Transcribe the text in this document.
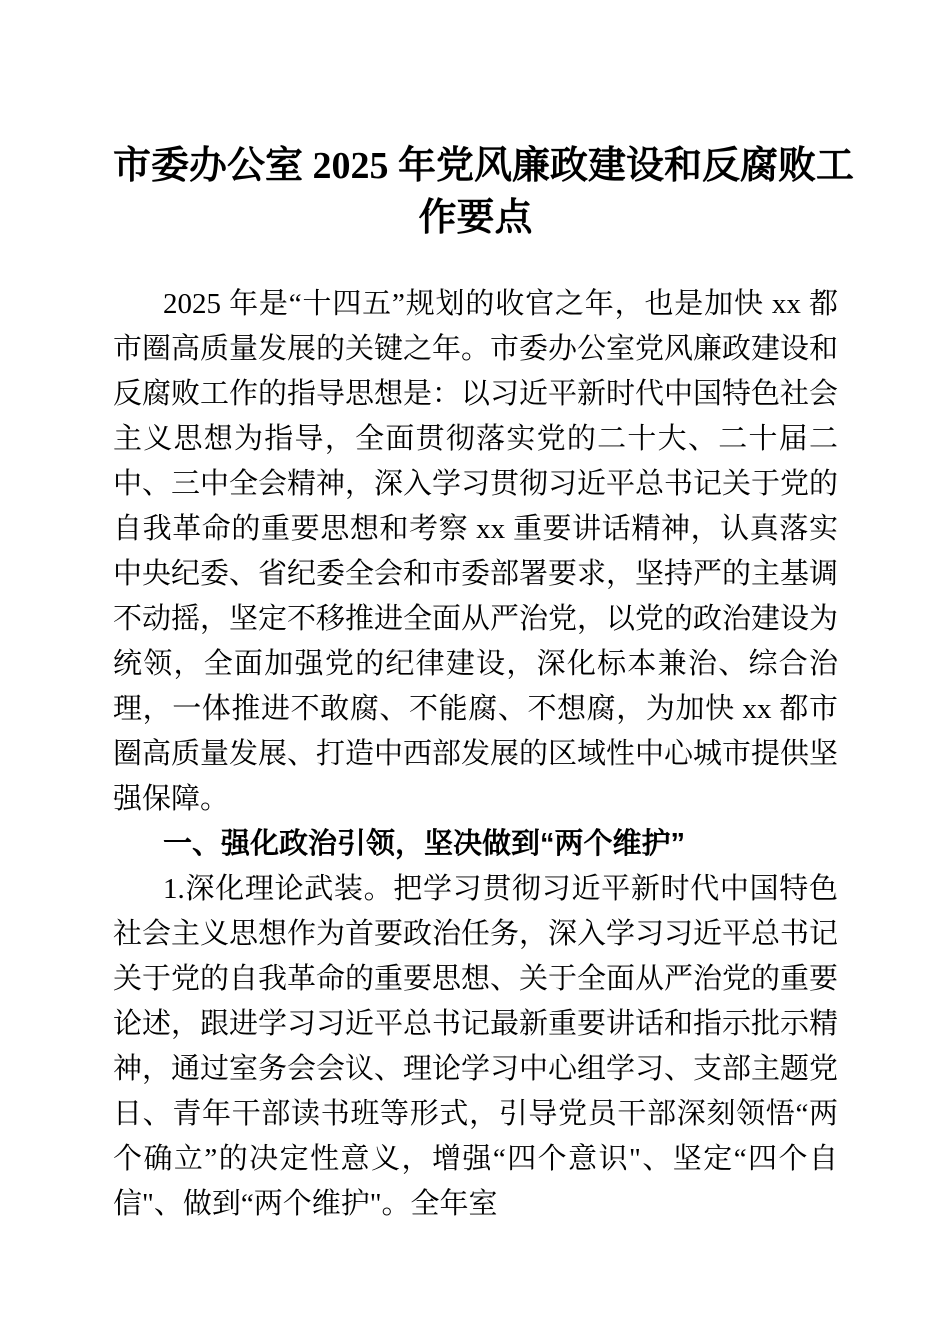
市委办公室 2025 年党风廉政建设和反腐败工
作要点

2025 年是“十四五”规划的收官之年，也是加快 xx 都市圈高质量发展的关键之年。市委办公室党风廉政建设和反腐败工作的指导思想是：以习近平新时代中国特色社会主义思想为指导，全面贯彻落实党的二十大、二十届二中、三中全会精神，深入学习贯彻习近平总书记关于党的自我革命的重要思想和考察 xx 重要讲话精神，认真落实中央纪委、省纪委全会和市委部署要求，坚持严的主基调不动摇，坚定不移推进全面从严治党，以党的政治建设为统领，全面加强党的纪律建设，深化标本兼治、综合治理，一体推进不敢腐、不能腐、不想腐，为加快 xx 都市圈高质量发展、打造中西部发展的区域性中心城市提供坚强保障。

一、强化政治引领，坚决做到“两个维护”

1.深化理论武装。把学习贯彻习近平新时代中国特色社会主义思想作为首要政治任务，深入学习习近平总书记关于党的自我革命的重要思想、关于全面从严治党的重要论述，跟进学习习近平总书记最新重要讲话和指示批示精神，通过室务会会议、理论学习中心组学习、支部主题党日、青年干部读书班等形式，引导党员干部深刻领悟“两个确立”的决定性意义，增强“四个意识"、坚定“四个自信"、做到“两个维护"。全年室
